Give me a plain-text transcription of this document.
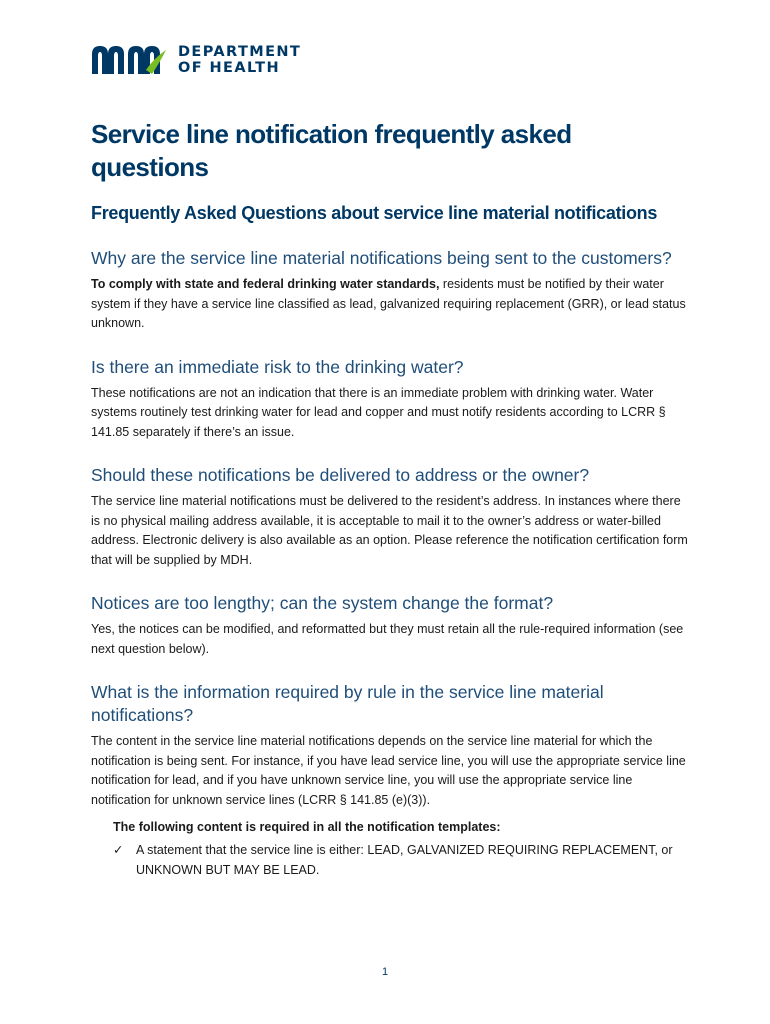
DEPARTMENT
OF HEALTH
Service line notification frequently asked questions
Frequently Asked Questions about service line material notifications
Why are the service line material notifications being sent to the customers?

To comply with state and federal drinking water standards, residents must be notified by their water system if they have a service line classified as lead, galvanized requiring replacement (GRR), or lead status unknown.

Is there an immediate risk to the drinking water?

These notifications are not an indication that there is an immediate problem with drinking water. Water systems routinely test drinking water for lead and copper and must notify residents according to LCRR § 141.85 separately if there’s an issue.

Should these notifications be delivered to address or the owner?

The service line material notifications must be delivered to the resident’s address. In instances where there is no physical mailing address available, it is acceptable to mail it to the owner’s address or water-billed address. Electronic delivery is also available as an option. Please reference the notification certification form that will be supplied by MDH.

Notices are too lengthy; can the system change the format?

Yes, the notices can be modified, and reformatted but they must retain all the rule-required information (see next question below).

What is the information required by rule in the service line material notifications?

The content in the service line material notifications depends on the service line material for which the notification is being sent. For instance, if you have lead service line, you will use the appropriate service line notification for lead, and if you have unknown service line, you will use the appropriate service line notification for unknown service lines (LCRR § 141.85 (e)(3)).

The following content is required in all the notification templates:
✓	A statement that the service line is either: LEAD, GALVANIZED REQUIRING REPLACEMENT, or UNKNOWN BUT MAY BE LEAD.
1
